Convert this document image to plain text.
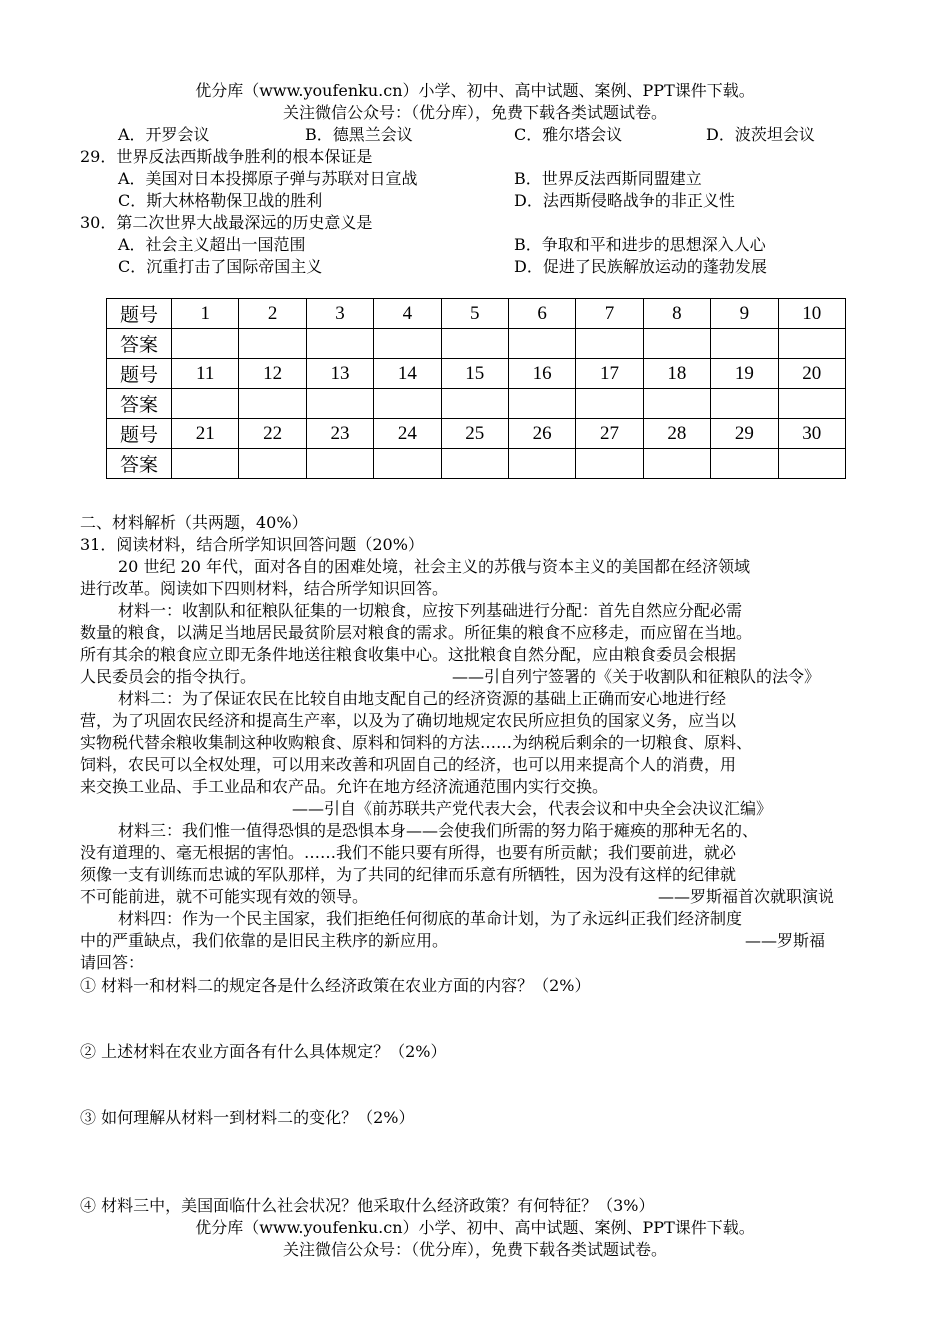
优分库（www.youfenku.cn）小学、初中、高中试题、案例、PPT课件下载。
关注微信公众号：（优分库），免费下载各类试题试卷。
A．开罗会议	B．德黑兰会议	C．雅尔塔会议	D．波茨坦会议
29．世界反法西斯战争胜利的根本保证是
A．美国对日本投掷原子弹与苏联对日宣战	B．世界反法西斯同盟建立
C．斯大林格勒保卫战的胜利	D．法西斯侵略战争的非正义性
30．第二次世界大战最深远的历史意义是
A．社会主义超出一国范围	B．争取和平和进步的思想深入人心
C．沉重打击了国际帝国主义	D．促进了民族解放运动的蓬勃发展
题号	1	2	3	4	5	6	7	8	9	10
答案										
题号	11	12	13	14	15	16	17	18	19	20
答案										
题号	21	22	23	24	25	26	27	28	29	30
答案										
二、材料解析（共两题，40%）
31．阅读材料，结合所学知识回答问题（20%）
20 世纪 20 年代，面对各自的困难处境，社会主义的苏俄与资本主义的美国都在经济领域
进行改革。阅读如下四则材料，结合所学知识回答。
材料一：收割队和征粮队征集的一切粮食，应按下列基础进行分配：首先自然应分配必需
数量的粮食，以满足当地居民最贫阶层对粮食的需求。所征集的粮食不应移走，而应留在当地。
所有其余的粮食应立即无条件地送往粮食收集中心。这批粮食自然分配，应由粮食委员会根据
人民委员会的指令执行。	——引自列宁签署的《关于收割队和征粮队的法令》
材料二：为了保证农民在比较自由地支配自己的经济资源的基础上正确而安心地进行经
营，为了巩固农民经济和提高生产率，以及为了确切地规定农民所应担负的国家义务，应当以
实物税代替余粮收集制这种收购粮食、原料和饲料的方法……为纳税后剩余的一切粮食、原料、
饲料，农民可以全权处理，可以用来改善和巩固自己的经济，也可以用来提高个人的消费，用
来交换工业品、手工业品和农产品。允许在地方经济流通范围内实行交换。
——引自《前苏联共产党代表大会，代表会议和中央全会决议汇编》
材料三：我们惟一值得恐惧的是恐惧本身——会使我们所需的努力陷于瘫痪的那种无名的、
没有道理的、毫无根据的害怕。……我们不能只要有所得，也要有所贡献；我们要前进，就必
须像一支有训练而忠诚的军队那样，为了共同的纪律而乐意有所牺牲，因为没有这样的纪律就
不可能前进，就不可能实现有效的领导。	——罗斯福首次就职演说
材料四：作为一个民主国家，我们拒绝任何彻底的革命计划，为了永远纠正我们经济制度
中的严重缺点，我们依靠的是旧民主秩序的新应用。	——罗斯福
请回答：
① 材料一和材料二的规定各是什么经济政策在农业方面的内容？（2%）
② 上述材料在农业方面各有什么具体规定？（2%）
③ 如何理解从材料一到材料二的变化？（2%）
④ 材料三中，美国面临什么社会状况？他采取什么经济政策？有何特征？（3%）
优分库（www.youfenku.cn）小学、初中、高中试题、案例、PPT课件下载。
关注微信公众号：（优分库），免费下载各类试题试卷。
